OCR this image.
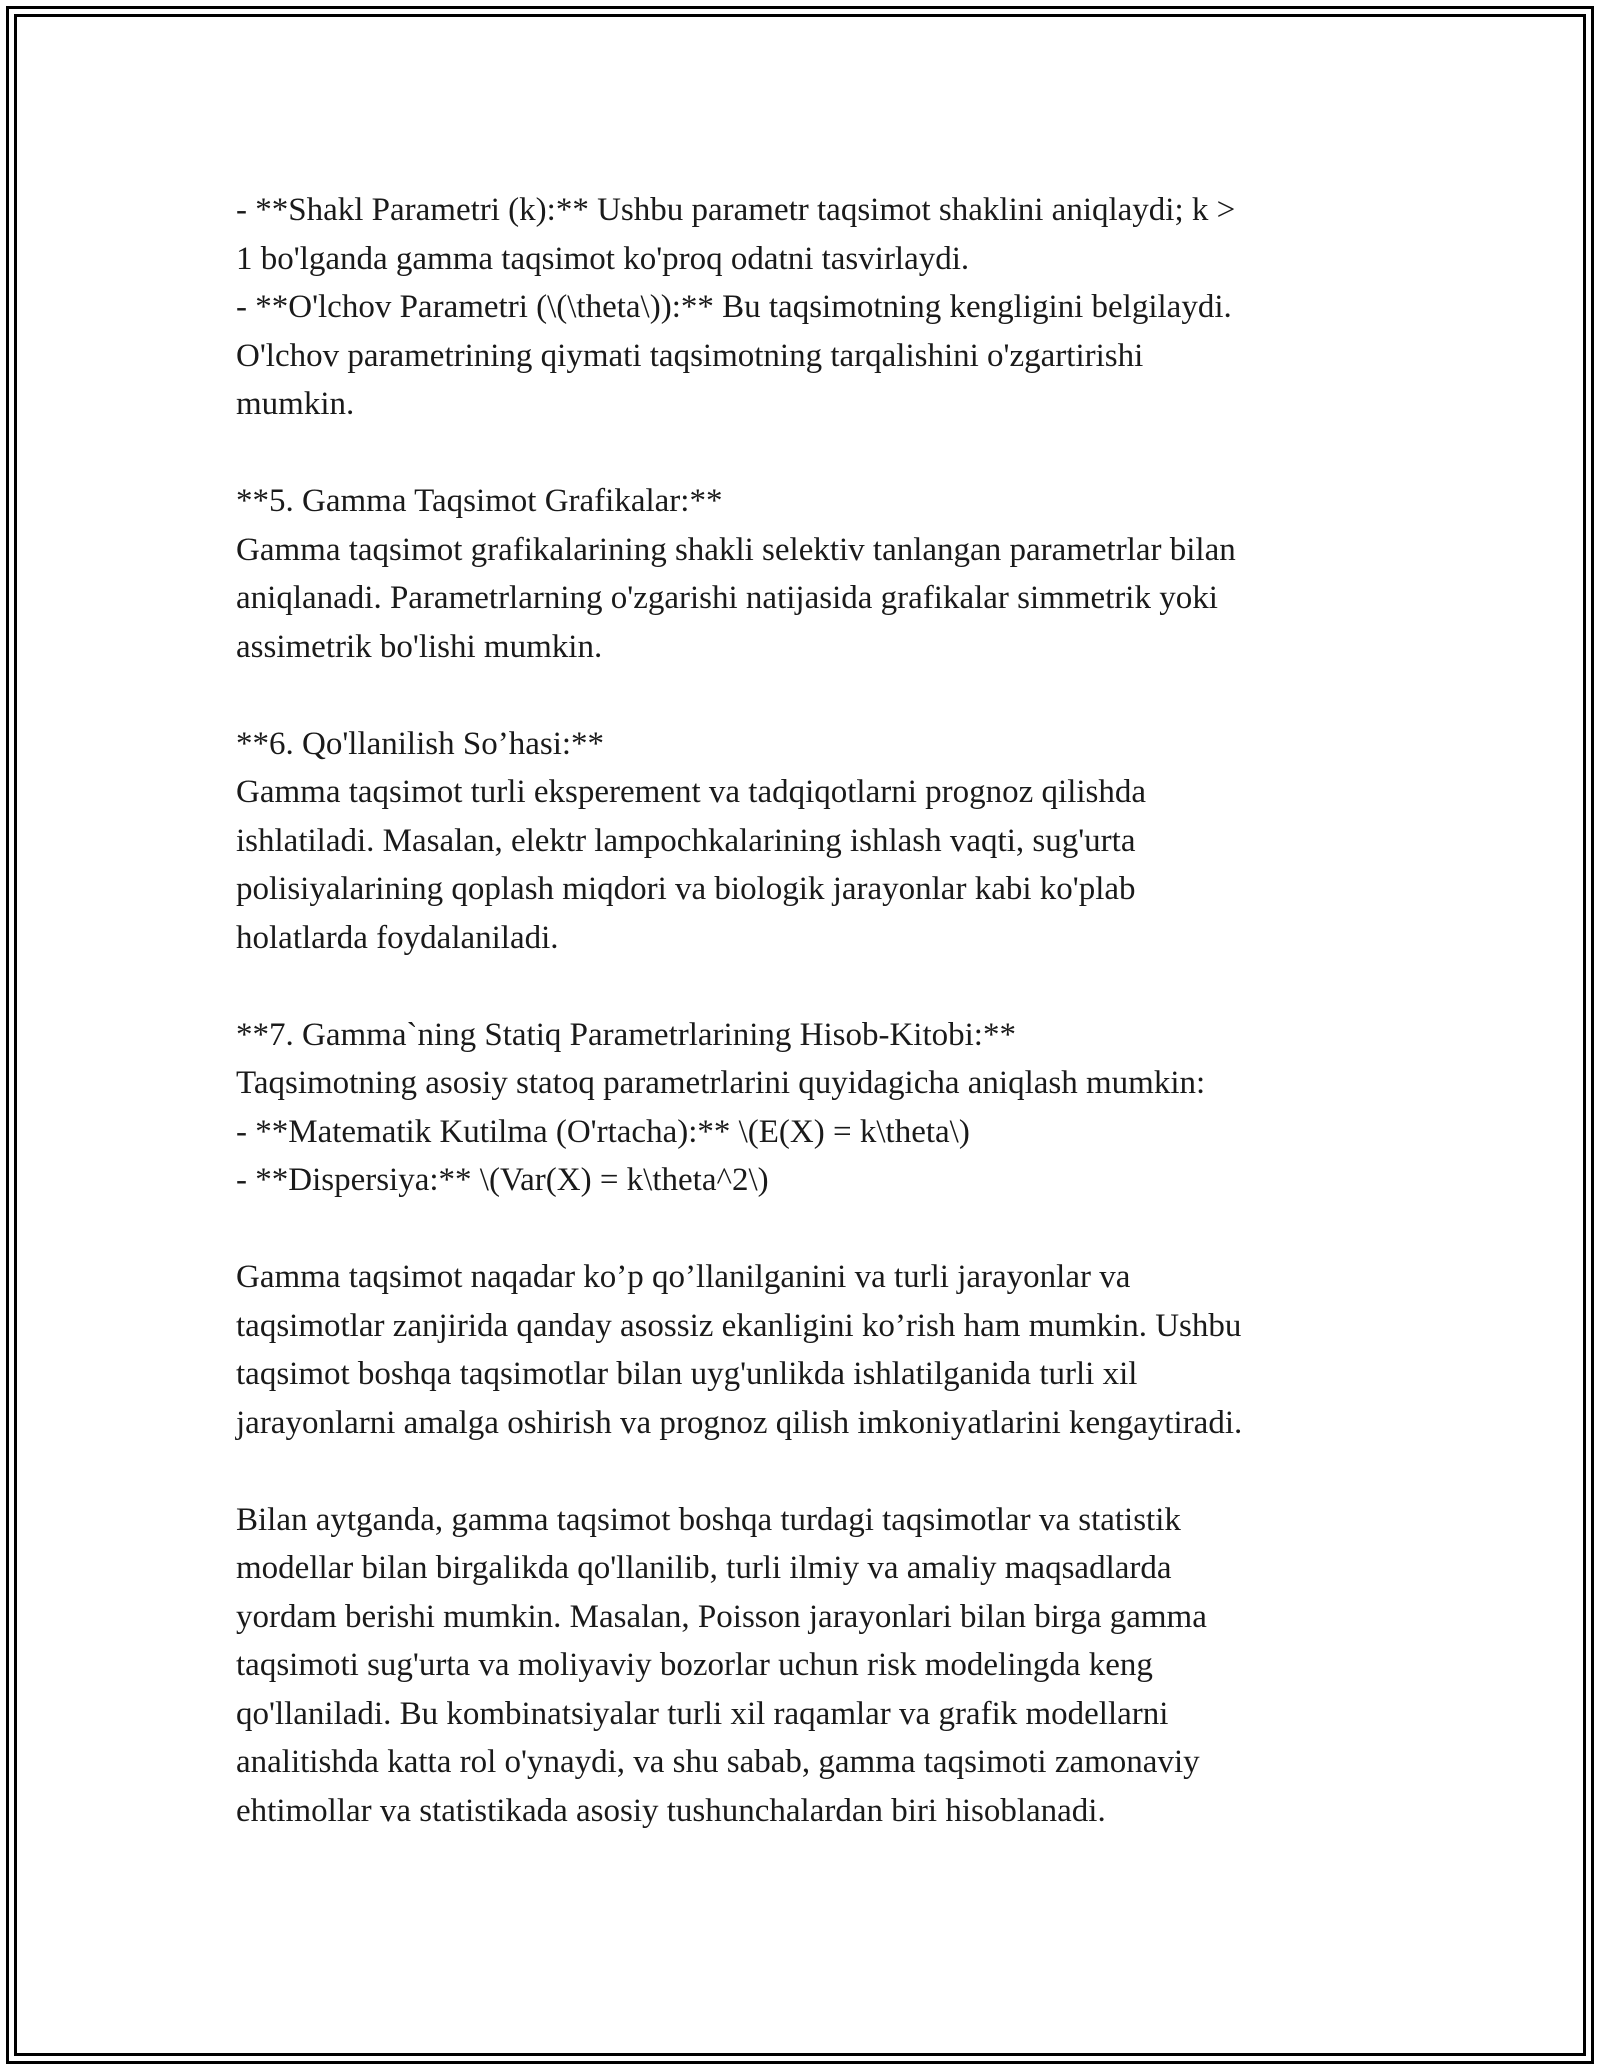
- **Shakl Parametri (k):** Ushbu parametr taqsimot shaklini aniqlaydi; k >

1 bo'lganda gamma taqsimot ko'proq odatni tasvirlaydi.

- **O'lchov Parametri (\(\theta\)):** Bu taqsimotning kengligini belgilaydi.

O'lchov parametrining qiymati taqsimotning tarqalishini o'zgartirishi

mumkin.

**5. Gamma Taqsimot Grafikalar:**

Gamma taqsimot grafikalarining shakli selektiv tanlangan parametrlar bilan

aniqlanadi. Parametrlarning o'zgarishi natijasida grafikalar simmetrik yoki

assimetrik bo'lishi mumkin.

**6. Qo'llanilish So’hasi:**

Gamma taqsimot turli eksperement va tadqiqotlarni prognoz qilishda

ishlatiladi. Masalan, elektr lampochkalarining ishlash vaqti, sug'urta

polisiyalarining qoplash miqdori va biologik jarayonlar kabi ko'plab

holatlarda foydalaniladi.

**7. Gamma`ning Statiq Parametrlarining Hisob-Kitobi:**

Taqsimotning asosiy statoq parametrlarini quyidagicha aniqlash mumkin:

- **Matematik Kutilma (O'rtacha):** \(E(X) = k\theta\)

- **Dispersiya:** \(Var(X) = k\theta^2\)

Gamma taqsimot naqadar ko’p qo’llanilganini va turli jarayonlar va

taqsimotlar zanjirida qanday asossiz ekanligini ko’rish ham mumkin. Ushbu

taqsimot boshqa taqsimotlar bilan uyg'unlikda ishlatilganida turli xil

jarayonlarni amalga oshirish va prognoz qilish imkoniyatlarini kengaytiradi.

Bilan aytganda, gamma taqsimot boshqa turdagi taqsimotlar va statistik

modellar bilan birgalikda qo'llanilib, turli ilmiy va amaliy maqsadlarda

yordam berishi mumkin. Masalan, Poisson jarayonlari bilan birga gamma

taqsimoti sug'urta va moliyaviy bozorlar uchun risk modelingda keng

qo'llaniladi. Bu kombinatsiyalar turli xil raqamlar va grafik modellarni

analitishda katta rol o'ynaydi, va shu sabab, gamma taqsimoti zamonaviy

ehtimollar va statistikada asosiy tushunchalardan biri hisoblanadi.
